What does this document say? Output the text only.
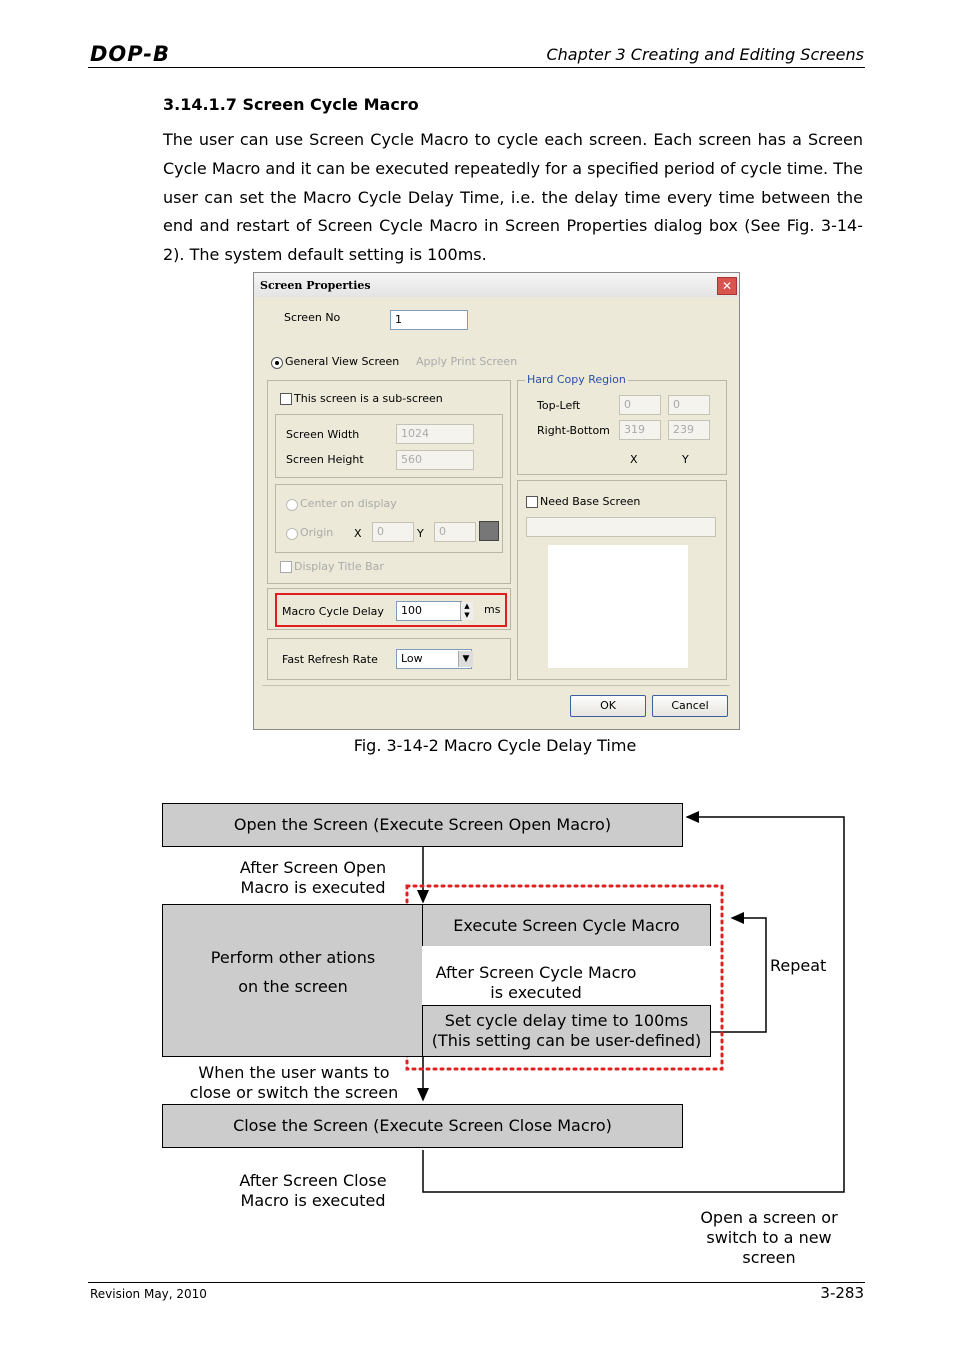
DOP-B	Chapter 3 Creating and Editing Screens
3.14.1.7 Screen Cycle Macro
The user can use Screen Cycle Macro to cycle each screen. Each screen has a Screen Cycle Macro and it can be executed repeatedly for a specified period of cycle time. The user can set the Macro Cycle Delay Time, i.e. the delay time every time between the end and restart of Screen Cycle Macro in Screen Properties dialog box (See Fig. 3-14-2). The system default setting is 100ms.
Screen Properties	✕
Screen No	1
General View Screen Apply Print Screen
This screen is a sub-screen
Screen Width	1024
Screen Height	560
Center on display
Origin X	0	Y	0
Display Title Bar
Macro Cycle Delay	100	▲
▼	ms
Fast Refresh Rate	Low	▼
Hard Copy Region
Top-Left	0	0
Right-Bottom	319	239
X	Y
Need Base Screen
OK	Cancel
Fig. 3-14-2 Macro Cycle Delay Time
Open the Screen (Execute Screen Open Macro)
After Screen Open
Macro is executed
Perform other ations
on the screen
Execute Screen Cycle Macro
After Screen Cycle Macro
is executed
Set cycle delay time to 100ms
(This setting can be user-defined)
Repeat
When the user wants to
close or switch the screen
Close the Screen (Execute Screen Close Macro)
After Screen Close
Macro is executed
Open a screen or
switch to a new
screen
Revision May, 2010	3-283
